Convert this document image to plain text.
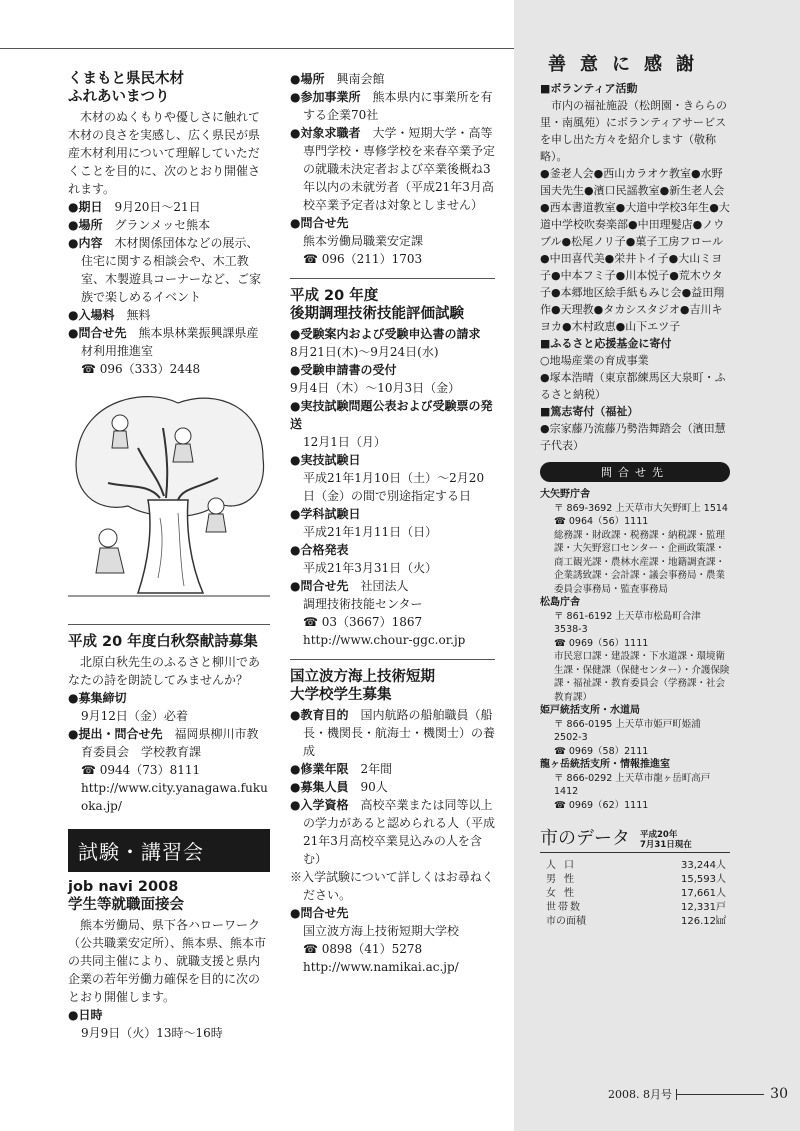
くまもと県民木材
ふれあいまつり

木材のぬくもりや優しさに触れて木材の良さを実感し、広く県民が県産木材利用について理解していただくことを目的に、次のとおり開催されます。

●期日　 9月20日〜21日
●場所　 グランメッセ熊本
●内容　 木材関係団体などの展示、住宅に関する相談会や、木工教室、木製遊具コーナーなど、ご家族で楽しめるイベント
●入場料　 無料
●問合せ先　 熊本県林業振興課県産材利用推進室
☎ 096（333）2448
平成 20 年度白秋祭献詩募集

北原白秋先生のふるさと柳川であなたの詩を朗読してみませんか？

●募集締切
9月12日（金）必着
●提出・問合せ先　 福岡県柳川市教育委員会　学校教育課
☎ 0944（73）8111
http://www.city.yanagawa.fukuoka.jp/
試験・講習会
job navi 2008
学生等就職面接会

熊本労働局、県下各ハローワーク（公共職業安定所）、熊本県、熊本市の共同主催により、就職支援と県内企業の若年労働力確保を目的に次のとおり開催します。

●日時
9月9日（火）13時〜16時
●場所　 興南会館
●参加事業所　 熊本県内に事業所を有する企業70社
●対象求職者　 大学・短期大学・高等専門学校・専修学校を来春卒業予定の就職未決定者および卒業後概ね3年以内の未就労者（平成21年3月高校卒業予定者は対象としません）
●問合せ先
熊本労働局職業安定課
☎ 096（211）1703
平成 20 年度
後期調理技術技能評価試験
●受験案内および受験申込書の請求
8月21日(木)〜9月24日(水)
●受験申請書の受付
9月4日（木）〜10月3日（金）
●実技試験問題公表および受験票の発送
12月1日（月）
●実技試験日
平成21年1月10日（土）〜2月20日（金）の間で別途指定する日
●学科試験日
平成21年1月11日（日）
●合格発表
平成21年3月31日（火）
●問合せ先　 社団法人
調理技術技能センター
☎ 03（3667）1867
http://www.chour-ggc.or.jp
国立波方海上技術短期
大学校学生募集
●教育目的　 国内航路の船舶職員（船長・機関長・航海士・機関士）の養成
●修業年限　 2年間
●募集人員　 90人
●入学資格　 高校卒業または同等以上の学力があると認められる人（平成21年3月高校卒業見込みの人を含む）
※入学試験について詳しくはお尋ねください。
●問合せ先
国立波方海上技術短期大学校
☎ 0898（41）5278
http://www.namikai.ac.jp/
善意に感謝
■ボランティア活動
市内の福祉施設（松朗園・きららの里・南風苑）にボランティアサービスを申し出た方々を紹介します（敬称略）。
●釜老人会●西山カラオケ教室●水野国夫先生●濱口民謡教室●新生老人会●西本書道教室●大道中学校3年生●大道中学校吹奏楽部●中田理髪店●ノウブル●松尾ノリ子●菓子工房フロール●中田喜代美●栄井トイ子●大山ミヨ子●中本フミ子●川本悦子●荒木ウタ子●本郷地区絵手紙もみじ会●益田翔作●天理教●タカシスタジオ●吉川キヨカ●木村政恵●山下エツ子
■ふるさと応援基金に寄付
○地場産業の育成事業
●塚本浩晴（東京都練馬区大泉町・ふるさと納税）
■篤志寄付（福祉）
●宗家藤乃流藤乃勢浩舞踏会（濱田慧子代表）
問合せ先
大矢野庁舎
〒 869-3692 上天草市大矢野町上 1514
☎ 0964（56）1111
総務課・財政課・税務課・納税課・監理課・大矢野窓口センター・企画政策課・商工観光課・農林水産課・地籍調査課・企業誘致課・会計課・議会事務局・農業委員会事務局・監査事務局
松島庁舎
〒 861-6192 上天草市松島町合津 3538-3
☎ 0969（56）1111
市民窓口課・建設課・下水道課・環境衛生課・保健課（保健センター）・介護保険課・福祉課・教育委員会（学務課・社会教育課）
姫戸統括支所・水道局
〒 866-0195 上天草市姫戸町姫浦 2502-3
☎ 0969（58）2111
龍ヶ岳統括支所・情報推進室
〒 866-0292 上天草市龍ヶ岳町高戸 1412
☎ 0969（62）1111
市のデータ 平成20年
7月31日現在
人口	33,244人
男性	15,593人
女性	17,661人
世帯数	12,331戸
市の面積	126.12㎢
2008. 8月号	30
